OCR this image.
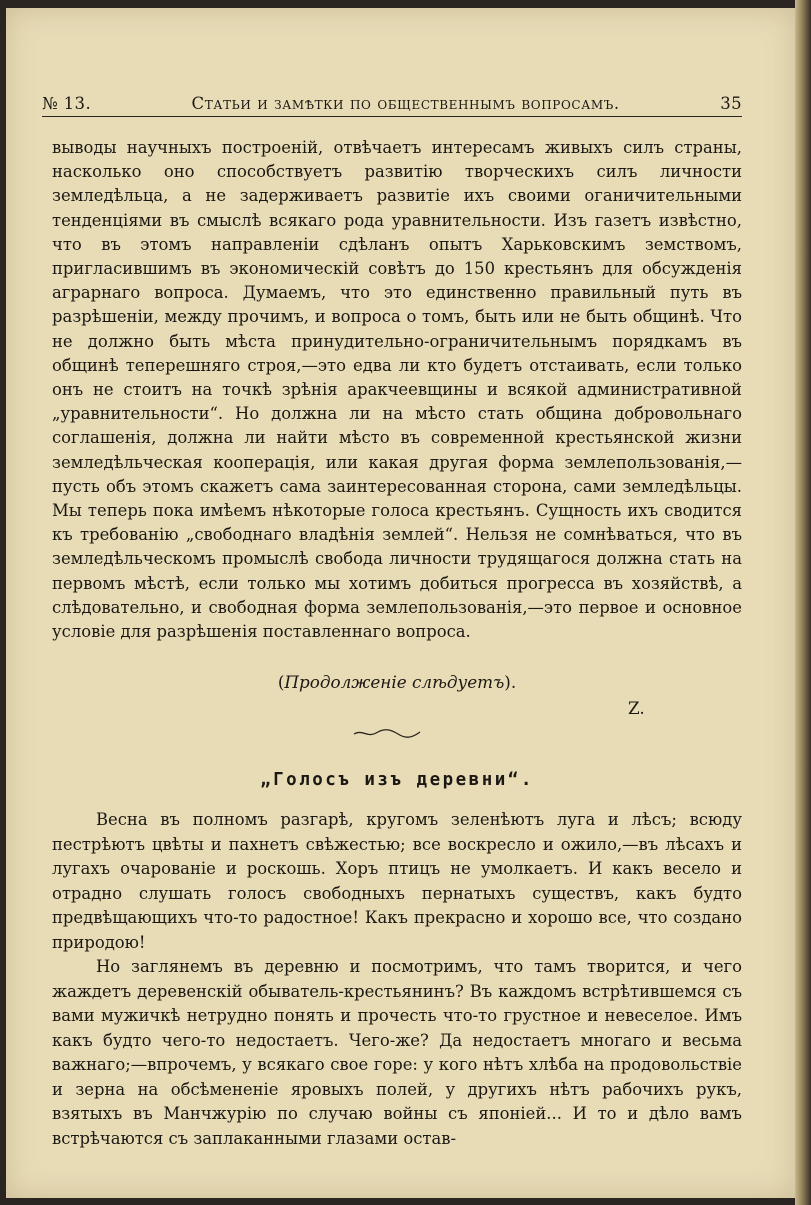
№ 13.	Статьи и замѣтки по общественнымъ вопросамъ.	35

выводы научныхъ построеній, отвѣчаетъ интересамъ живыхъ силъ страны, насколько оно способствуетъ развитію творческихъ силъ личности земледѣльца, а не задерживаетъ развитіе ихъ своими оганичительными тенденціями въ смыслѣ всякаго рода уравнительности. Изъ газетъ извѣстно, что въ этомъ направленіи сдѣланъ опытъ Харьковскимъ земствомъ, пригласившимъ въ экономическій совѣтъ до 150 крестьянъ для обсужденія аграрнаго вопроса. Думаемъ, что это единственно правильный путь въ разрѣшеніи, между прочимъ, и вопроса о томъ, быть или не быть общинѣ. Что не должно быть мѣста принудительно-ограничительнымъ порядкамъ въ общинѣ теперешняго строя,—это едва ли кто будетъ отстаивать, если только онъ не стоитъ на точкѣ зрѣнія аракчеевщины и всякой административной „уравнительности“. Но должна ли на мѣсто стать община добровольнаго соглашенія, должна ли найти мѣсто въ современной крестьянской жизни земледѣльческая кооперація, или какая другая форма землепользованія,—пусть объ этомъ скажетъ сама заинтересованная сторона, сами земледѣльцы. Мы теперь пока имѣемъ нѣкоторые голоса крестьянъ. Сущность ихъ сводится къ требованію „свободнаго владѣнія землей“. Нельзя не сомнѣваться, что въ земледѣльческомъ промыслѣ свобода личности трудящагося должна стать на первомъ мѣстѣ, если только мы хотимъ добиться прогресса въ хозяйствѣ, а слѣдовательно, и свободная форма землепользованія,—это первое и основное условіе для разрѣшенія поставленнаго вопроса.

(Продолженіе слѣдуетъ).
Z.
„Голосъ изъ деревни“.

Весна въ полномъ разгарѣ, кругомъ зеленѣютъ луга и лѣсъ; всюду пестрѣютъ цвѣты и пахнетъ свѣжестью; все воскресло и ожило,—въ лѣсахъ и лугахъ очарованіе и роскошь. Хоръ птицъ не умолкаетъ. И какъ весело и отрадно слушать голосъ свободныхъ пернатыхъ существъ, какъ будто предвѣщающихъ что-то радостное! Какъ прекрасно и хорошо все, что создано природою!

Но заглянемъ въ деревню и посмотримъ, что тамъ творится, и чего жаждетъ деревенскій обыватель-крестьянинъ? Въ каждомъ встрѣтившемся съ вами мужичкѣ нетрудно понять и прочесть что-то грустное и невеселое. Имъ какъ будто чего-то недостаетъ. Чего-же? Да недостаетъ многаго и весьма важнаго;—впрочемъ, у всякаго свое горе: у кого нѣтъ хлѣба на продовольствіе и зерна на обсѣмененіе яровыхъ полей, у другихъ нѣтъ рабочихъ рукъ, взятыхъ въ Манчжурію по случаю войны съ японіей... И то и дѣло вамъ встрѣчаются съ заплаканными глазами остав-
